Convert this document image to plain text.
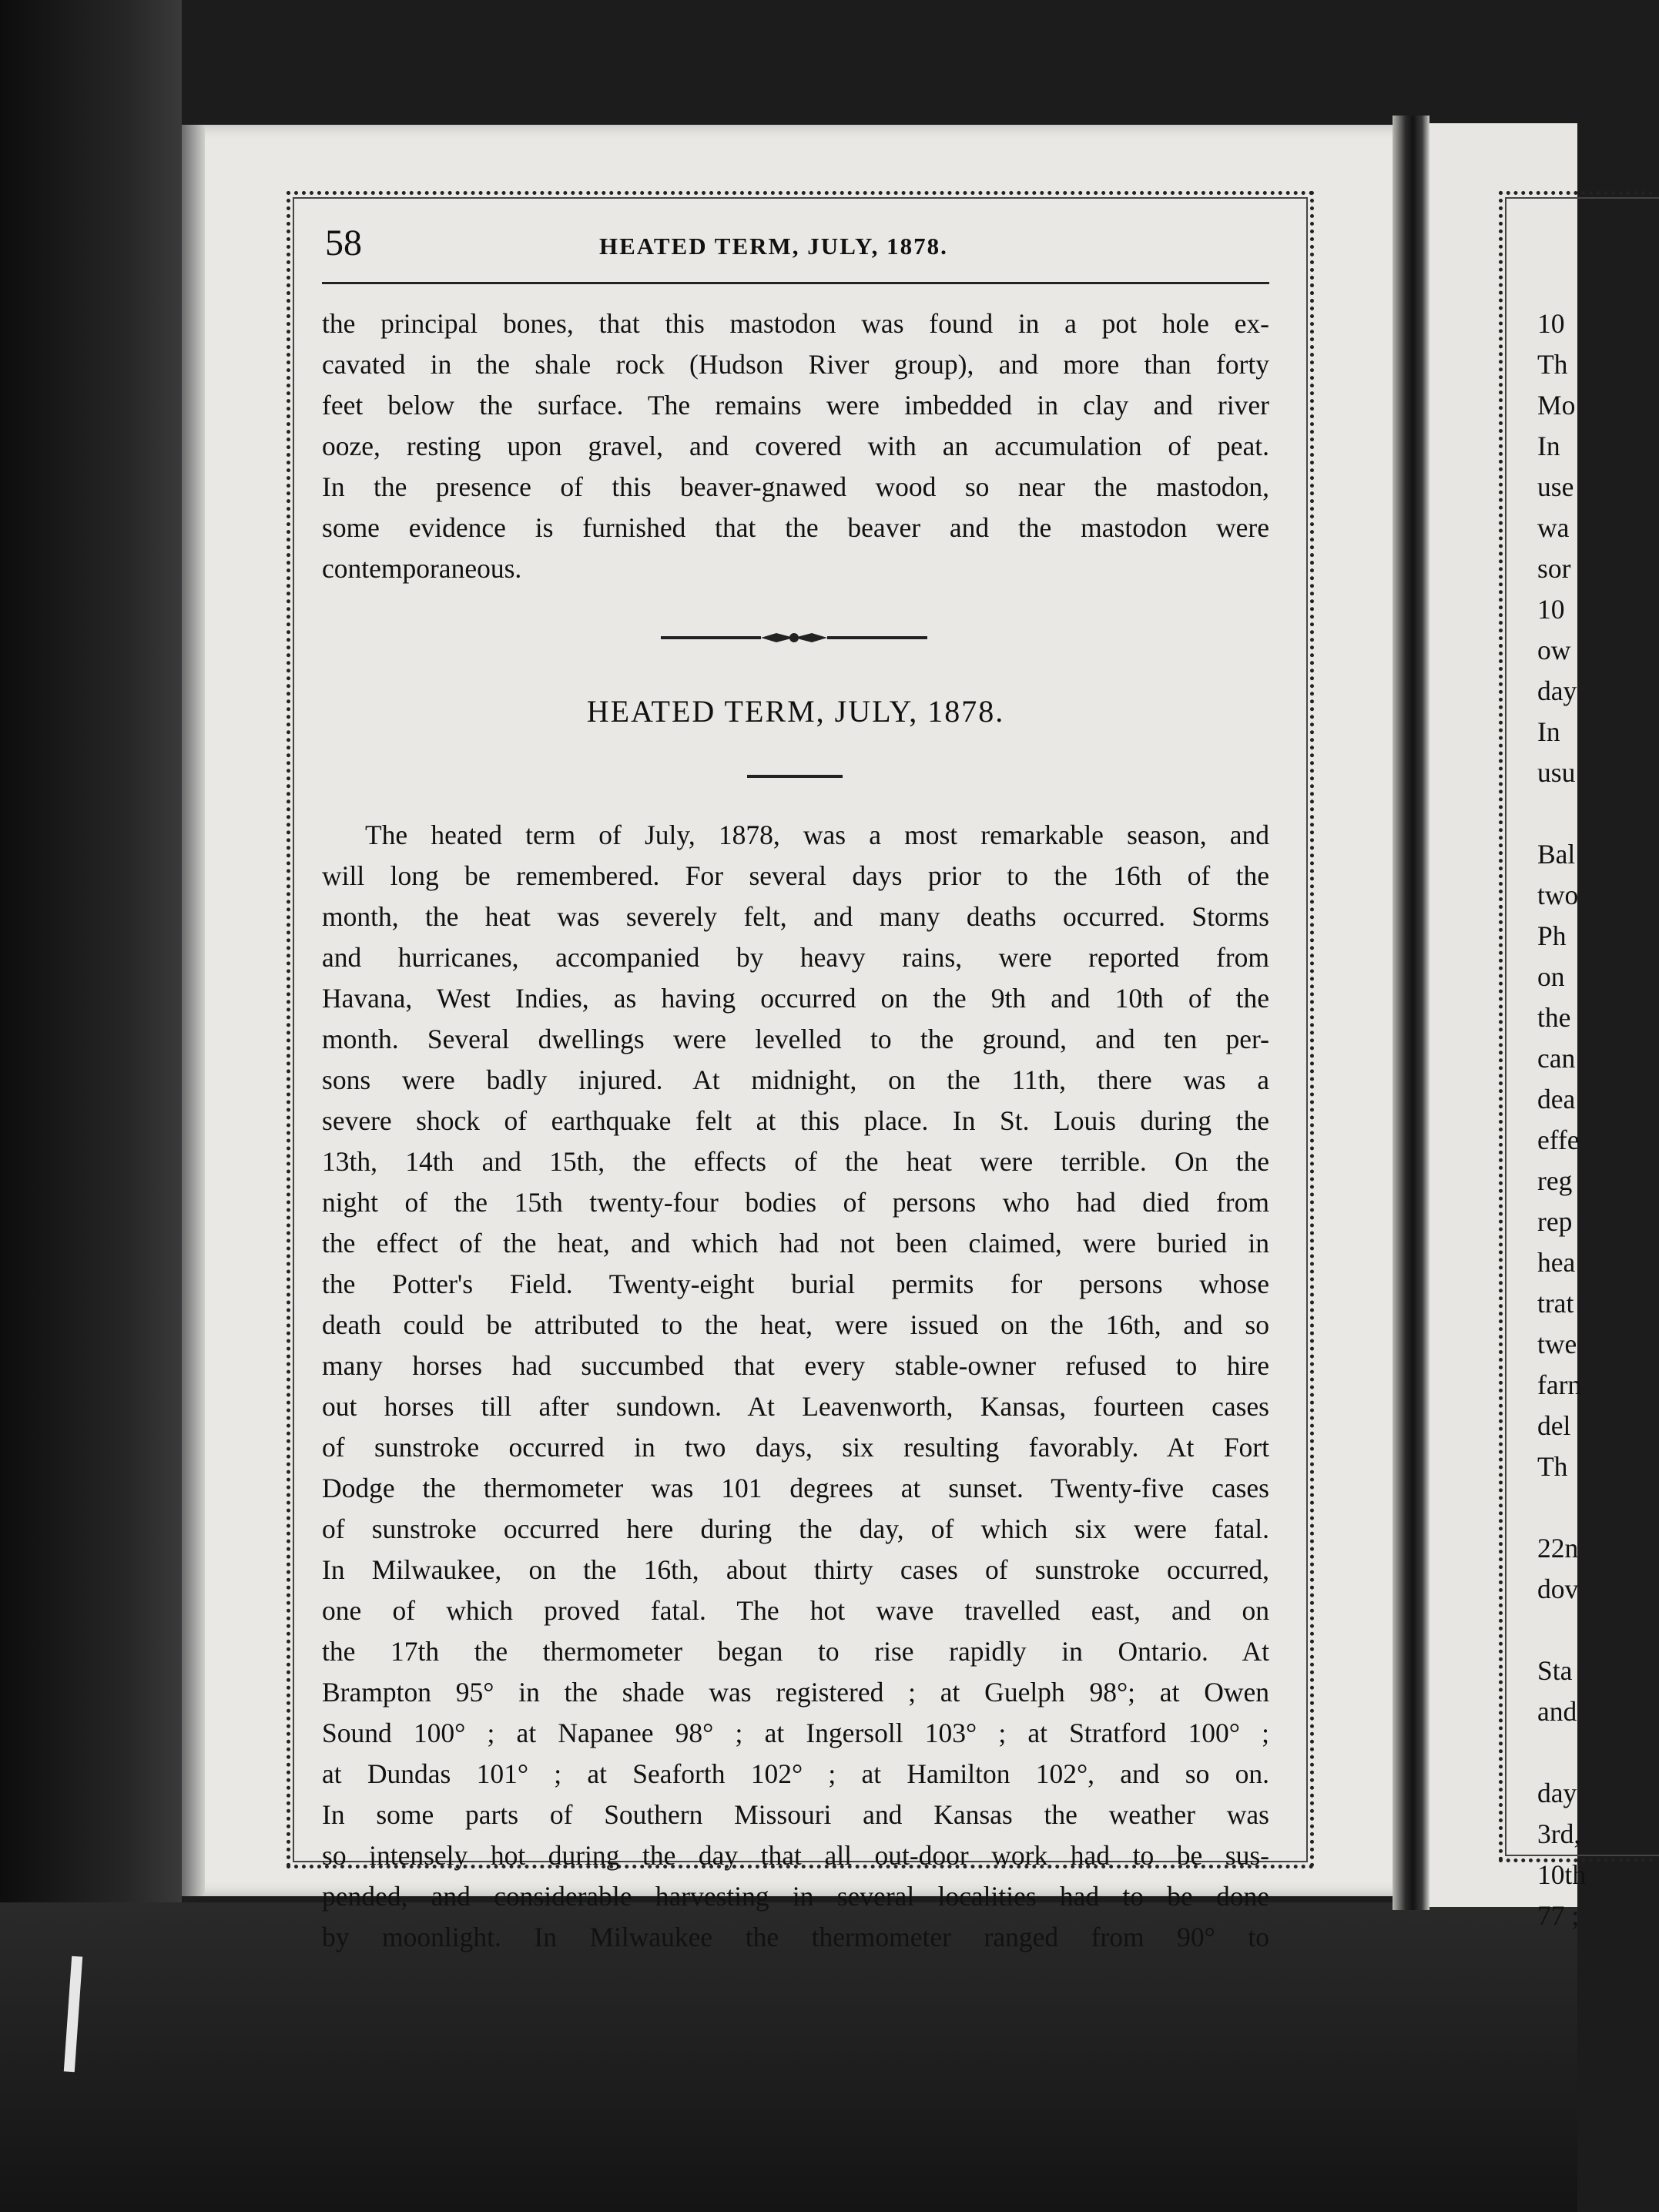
58	HEATED TERM, JULY, 1878.
the principal bones, that this mastodon was found in a pot hole ex-
cavated in the shale rock (Hudson River group), and more than forty
feet below the surface. The remains were imbedded in clay and river
ooze, resting upon gravel, and covered with an accumulation of peat.
In the presence of this beaver-gnawed wood so near the mastodon,
some evidence is furnished that the beaver and the mastodon were
contemporaneous.
HEATED TERM, JULY, 1878.
The heated term of July, 1878, was a most remarkable season, and
will long be remembered. For several days prior to the 16th of the
month, the heat was severely felt, and many deaths occurred. Storms
and hurricanes, accompanied by heavy rains, were reported from
Havana, West Indies, as having occurred on the 9th and 10th of the
month. Several dwellings were levelled to the ground, and ten per-
sons were badly injured. At midnight, on the 11th, there was a
severe shock of earthquake felt at this place. In St. Louis during the
13th, 14th and 15th, the effects of the heat were terrible. On the
night of the 15th twenty-four bodies of persons who had died from
the effect of the heat, and which had not been claimed, were buried in
the Potter's Field. Twenty-eight burial permits for persons whose
death could be attributed to the heat, were issued on the 16th, and so
many horses had succumbed that every stable-owner refused to hire
out horses till after sundown. At Leavenworth, Kansas, fourteen cases
of sunstroke occurred in two days, six resulting favorably. At Fort
Dodge the thermometer was 101 degrees at sunset. Twenty-five cases
of sunstroke occurred here during the day, of which six were fatal.
In Milwaukee, on the 16th, about thirty cases of sunstroke occurred,
one of which proved fatal. The hot wave travelled east, and on
the 17th the thermometer began to rise rapidly in Ontario. At
Brampton 95° in the shade was registered ; at Guelph 98°; at Owen
Sound 100° ; at Napanee 98° ; at Ingersoll 103° ; at Stratford 100° ;
at Dundas 101° ; at Seaforth 102° ; at Hamilton 102°, and so on.
In some parts of Southern Missouri and Kansas the weather was
so intensely hot during the day that all out-door work had to be sus-
pended, and considerable harvesting in several localities had to be done
by moonlight. In Milwaukee the thermometer ranged from 90° to
10
Th
Mo
In
use
wa
sor
10
ow
day
In
usu
Bal
two
Ph
on
the
can
dea
effe
reg
rep
hea
trat
twe
farn
del
Th
22n
dov
Sta
and
day
3rd,
10th
77 ;
